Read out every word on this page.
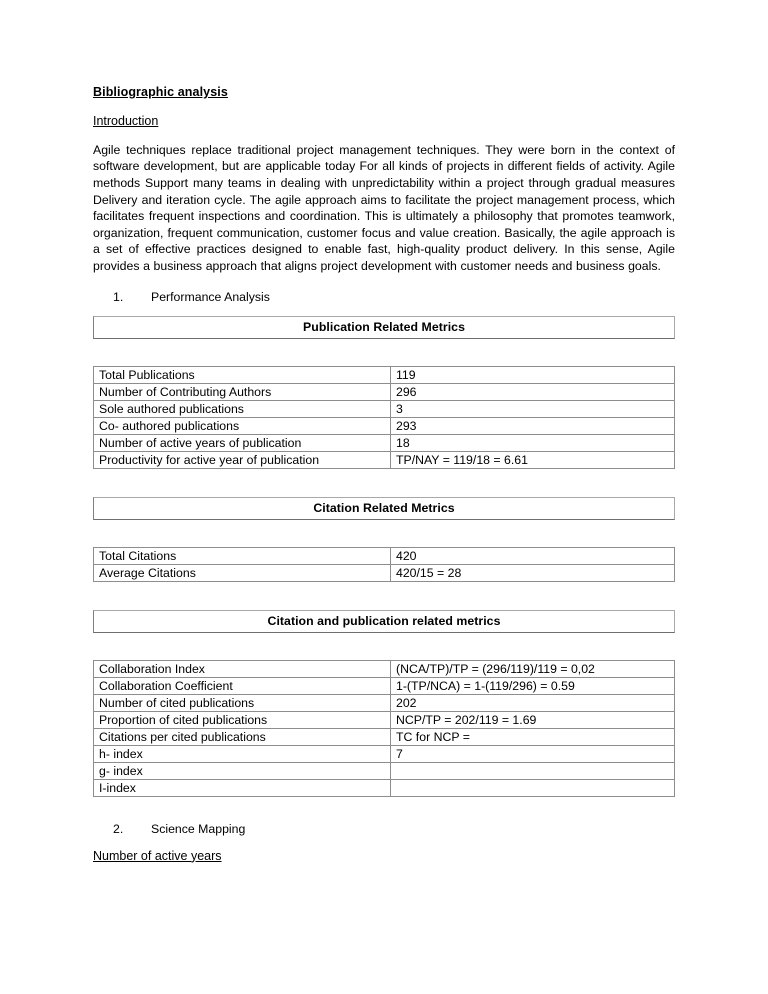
Bibliographic analysis
Introduction

Agile techniques replace traditional project management techniques. They were born in the context of software development, but are applicable today For all kinds of projects in different fields of activity. Agile methods Support many teams in dealing with unpredictability within a project through gradual measures Delivery and iteration cycle. The agile approach aims to facilitate the project management process, which facilitates frequent inspections and coordination. This is ultimately a philosophy that promotes teamwork, organization, frequent communication, customer focus and value creation. Basically, the agile approach is a set of effective practices designed to enable fast, high-quality product delivery. In this sense, Agile provides a business approach that aligns project development with customer needs and business goals.

1.	Performance Analysis
Publication Related Metrics
Total Publications	119
Number of Contributing Authors	296
Sole authored publications	3
Co- authored publications	293
Number of active years of publication	18
Productivity for active year of publication	TP/NAY = 119/18 = 6.61
Citation Related Metrics
Total Citations	420
Average Citations	420/15 = 28
Citation and publication related metrics
Collaboration Index	(NCA/TP)/TP = (296/119)/119 = 0,02
Collaboration Coefficient	1-(TP/NCA) = 1-(119/296) = 0.59
Number of cited publications	202
Proportion of cited publications	NCP/TP = 202/119 = 1.69
Citations per cited publications	TC for NCP =
h- index	7
g- index	
I-index	
2.	Science Mapping
Number of active years
